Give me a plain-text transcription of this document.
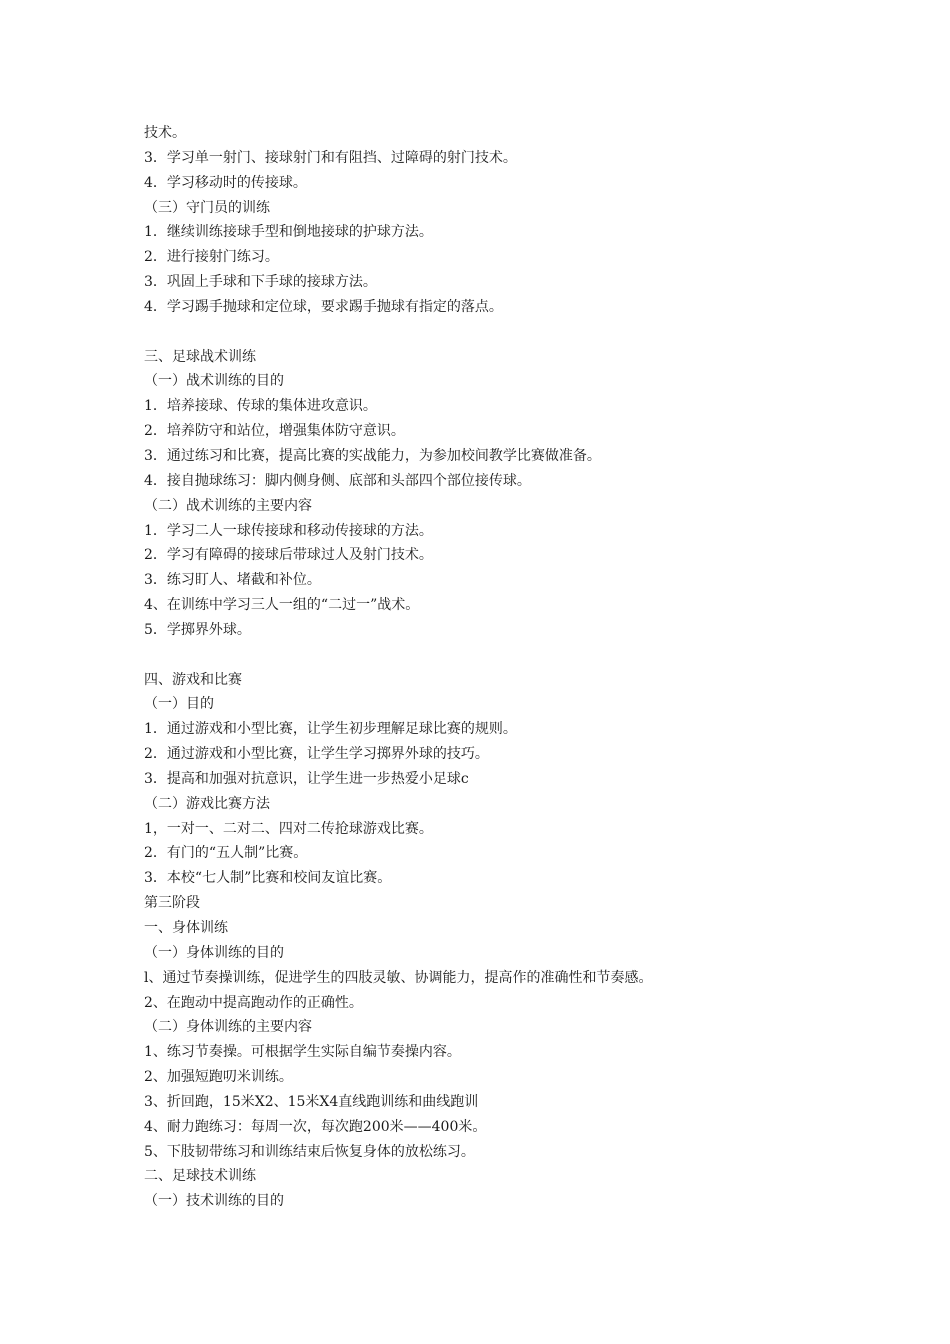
技术。
3．学习单一射门、接球射门和有阻挡、过障碍的射门技术。
4．学习移动时的传接球。
（三）守门员的训练
1．继续训练接球手型和倒地接球的护球方法。
2．进行接射门练习。
3．巩固上手球和下手球的接球方法。
4．学习踢手抛球和定位球，要求踢手抛球有指定的落点。
三、足球战术训练
（一）战术训练的目的
1．培养接球、传球的集体进攻意识。
2．培养防守和站位，增强集体防守意识。
3．通过练习和比赛，提高比赛的实战能力，为参加校间教学比赛做准备。
4．接自抛球练习：脚内侧身侧、底部和头部四个部位接传球。
（二）战术训练的主要内容
1．学习二人一球传接球和移动传接球的方法。
2．学习有障碍的接球后带球过人及射门技术。
3．练习盯人、堵截和补位。
4、在训练中学习三人一组的“二过一”战术。
5．学掷界外球。
四、游戏和比赛
（一）目的
1．通过游戏和小型比赛，让学生初步理解足球比赛的规则。
2．通过游戏和小型比赛，让学生学习掷界外球的技巧。
3．提高和加强对抗意识，让学生进一步热爱小足球c
（二）游戏比赛方法
1，一对一、二对二、四对二传抢球游戏比赛。
2．有门的“五人制”比赛。
3．本校“七人制”比赛和校间友谊比赛。
第三阶段
一、身体训练
（一）身体训练的目的
l、通过节奏操训练，促进学生的四肢灵敏、协调能力，提高作的准确性和节奏感。
2、在跑动中提高跑动作的正确性。
（二）身体训练的主要内容
1、练习节奏操。可根据学生实际自编节奏操内容。
2、加强短跑叨米训练。
3、折回跑，15米X2、15米X4直线跑训练和曲线跑训
4、耐力跑练习：每周一次，每次跑200米——400米。
5、下肢韧带练习和训练结束后恢复身体的放松练习。
二、足球技术训练
（一）技术训练的目的
